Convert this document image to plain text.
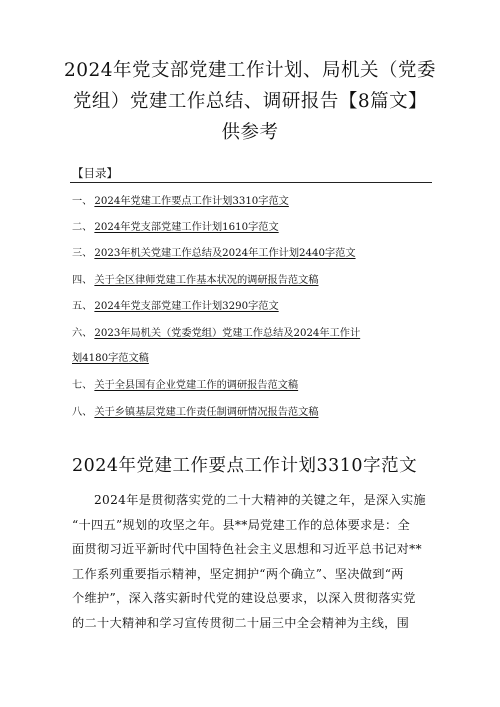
2024年党支部党建工作计划、局机关（党委
党组）党建工作总结、调研报告【8篇文】
供参考
【目录】
一、 2024年党建工作要点工作计划3310字范文
二、 2024年党支部党建工作计划1610字范文
三、 2023年机关党建工作总结及2024年工作计划2440字范文
四、 关于全区律师党建工作基本状况的调研报告范文稿
五、 2024年党支部党建工作计划3290字范文
六、 2023年局机关（党委党组）党建工作总结及2024年工作计
划4180字范文稿
七、 关于全县国有企业党建工作的调研报告范文稿
八、 关于乡镇基层党建工作责任制调研情况报告范文稿
2024年党建工作要点工作计划3310字范文
2024年是贯彻落实党的二十大精神的关键之年，是深入实施
“十四五”规划的攻坚之年。县**局党建工作的总体要求是：全
面贯彻习近平新时代中国特色社会主义思想和习近平总书记对**
工作系列重要指示精神，坚定拥护“两个确立”、坚决做到“两
个维护”，深入落实新时代党的建设总要求，以深入贯彻落实党
的二十大精神和学习宣传贯彻二十届三中全会精神为主线，围
